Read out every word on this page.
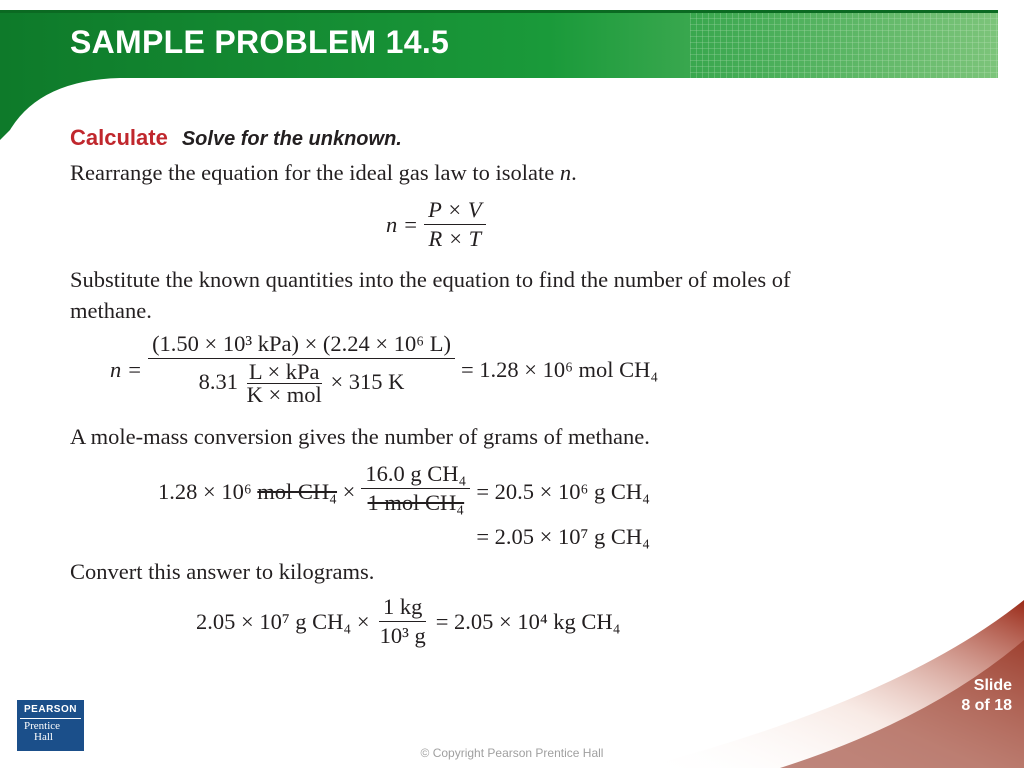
SAMPLE PROBLEM 14.5
Calculate Solve for the unknown.

Rearrange the equation for the ideal gas law to isolate n.

$n = \frac{P \times V}{R \times T}$

Substitute the known quantities into the equation to find the number of moles of methane.

n =
(1.50 × 10³ kPa) × (2.24 × 10⁶ L)
$8.31 \frac{\text{L × kPa}}{\text{K × mol}} \times 315$ K	= 1.28 × 10⁶ mol CH₄

A mole-mass conversion gives the number of grams of methane.

1.28 × 10⁶ mol $CH_4 \times \frac{\text{16.0 g CH₄}}{\text{1 mol CH₄}} = 20.5 \times 10^6$ g CH₄
= 2.05 × 10⁷ g CH₄

Convert this answer to kilograms.

2.05 × 10⁷ g $CH_4 \times \frac{1 kg}{\text{10³ g}} = 2.05 \times 10^4$ kg CH₄
Slide
8 of 18
PEARSON
Prentice
Hall
© Copyright Pearson Prentice Hall
